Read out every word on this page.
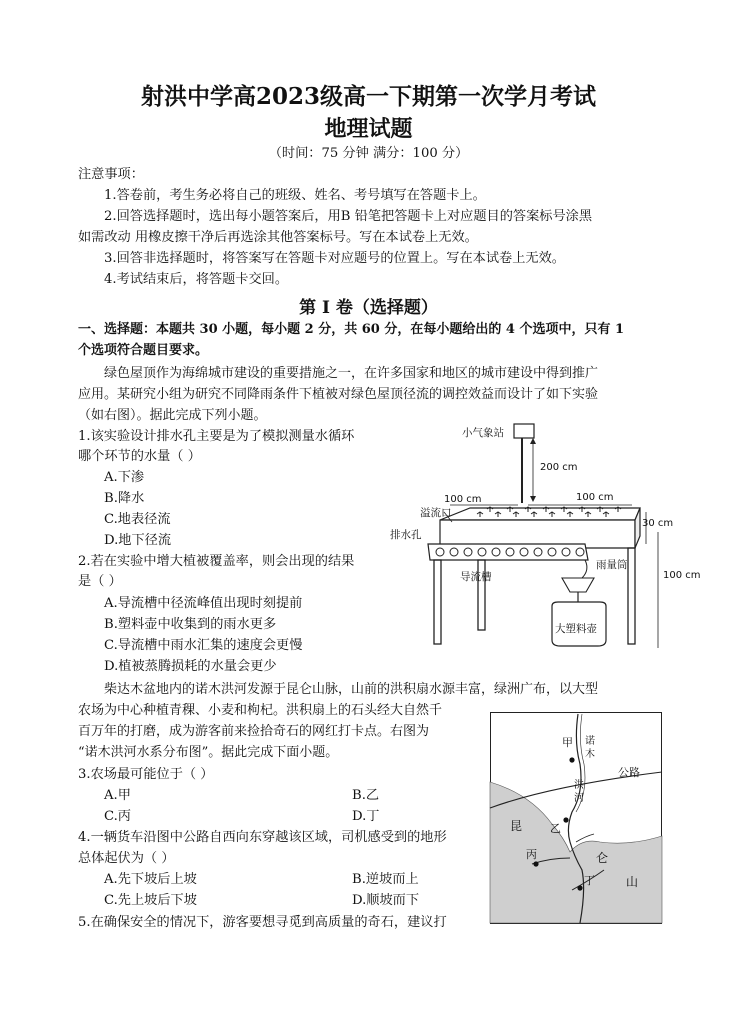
射洪中学高2023级高一下期第一次学月考试
地理试题
（时间：75 分钟 满分：100 分）
注意事项：
1.答卷前，考生务必将自己的班级、姓名、考号填写在答题卡上。
2.回答选择题时，选出每小题答案后，用B 铅笔把答题卡上对应题目的答案标号涂黑
如需改动 用橡皮擦干净后再选涂其他答案标号。写在本试卷上无效。
3.回答非选择题时，将答案写在答题卡对应题号的位置上。写在本试卷上无效。
4.考试结束后，将答题卡交回。
第 I 卷（选择题）
一、选择题：本题共 30 小题，每小题 2 分，共 60 分，在每小题给出的 4 个选项中，只有 1
个选项符合题目要求。
绿色屋顶作为海绵城市建设的重要措施之一，在许多国家和地区的城市建设中得到推广
应用。某研究小组为研究不同降雨条件下植被对绿色屋顶径流的调控效益而设计了如下实验
（如右图）。据此完成下列小题。
1.该实验设计排水孔主要是为了模拟测量水循环
哪个环节的水量（ ）
A.下渗
B.降水
C.地表径流
D.地下径流
2.若在实验中增大植被覆盖率，则会出现的结果
是（ ）
A.导流槽中径流峰值出现时刻提前
B.塑料壶中收集到的雨水更多
C.导流槽中雨水汇集的速度会更慢
D.植被蒸腾损耗的水量会更少
小气象站
200 cm
100 cm	100 cm
溢流口
排水孔
30 cm
导流槽	100 cm
雨量筒
大塑料壶
柴达木盆地内的诺木洪河发源于昆仑山脉，山前的洪积扇水源丰富，绿洲广布，以大型
农场为中心种植青稞、小麦和枸杞。洪积扇上的石头经大自然千
百万年的打磨，成为游客前来捡拾奇石的网红打卡点。右图为
“诺木洪河水系分布图”。据此完成下面小题。
3.农场最可能位于（ ）
A.甲	B.乙
C.丙	D.丁
4.一辆货车沿图中公路自西向东穿越该区域，司机感受到的地形
总体起伏为（ ）
A.先下坡后上坡	B.逆坡而上
C.先上坡后下坡	D.顺坡而下
5.在确保安全的情况下，游客要想寻觅到高质量的奇石，建议打
公路
甲
乙
丙
丁
诺
木
洪
河
昆
仑
山
